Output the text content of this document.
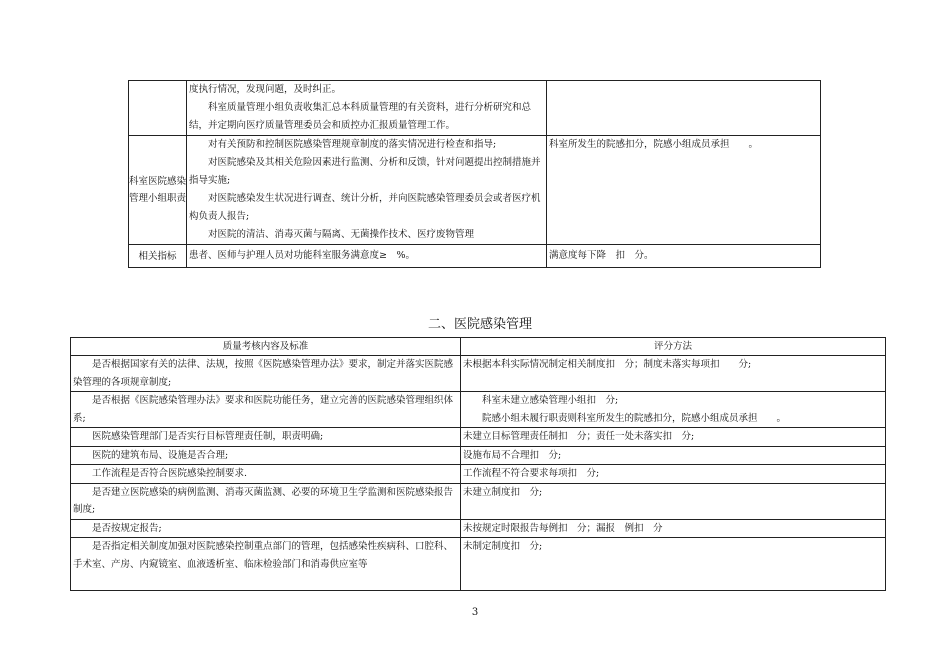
	度执行情况，发现问题，及时纠正。
科室质量管理小组负责收集汇总本科质量管理的有关资料，进行分析研究和总结，并定期向医疗质量管理委员会和质控办汇报质量管理工作。	

科室医院感染管理小组职责	对有关预防和控制医院感染管理规章制度的落实情况进行检查和指导;
对医院感染及其相关危险因素进行监测、分析和反馈，针对问题提出控制措施并指导实施;
对医院感染发生状况进行调查、统计分析，并向医院感染管理委员会或者医疗机构负责人报告;
对医院的清洁、消毒灭菌与隔离、无菌操作技术、医疗废物管理	科室所发生的院感扣分，院感小组成员承担　　。
相关指标	患者、医师与护理人员对功能科室服务满意度≥　%。	满意度每下降　扣　分。
二、医院感染管理
质量考核内容及标准	评分方法
是否根据国家有关的法律、法规，按照《医院感染管理办法》要求，制定并落实医院感染管理的各项规章制度;	未根据本科实际情况制定相关制度扣　分；制度未落实每项扣　　分;
是否根据《医院感染管理办法》要求和医院功能任务，建立完善的医院感染管理组织体系;	科室未建立感染管理小组扣　分;
院感小组未履行职责则科室所发生的院感扣分，院感小组成员承担　　。

医院感染管理部门是否实行目标管理责任制，职责明确;	未建立目标管理责任制扣　分；责任一处未落实扣　分;
医院的建筑布局、设施是否合理;	设施布局不合理扣　分;
工作流程是否符合医院感染控制要求.	工作流程不符合要求每项扣　分;
是否建立医院感染的病例监测、消毒灭菌监测、必要的环境卫生学监测和医院感染报告制度;	未建立制度扣　分;
是否按规定报告;	未按规定时限报告每例扣　分；漏报　例扣　分
是否指定相关制度加强对医院感染控制重点部门的管理，包括感染性疾病科、口腔科、手术室、产房、内窥镜室、血液透析室、临床检验部门和消毒供应室等	未制定制度扣　分;
3
